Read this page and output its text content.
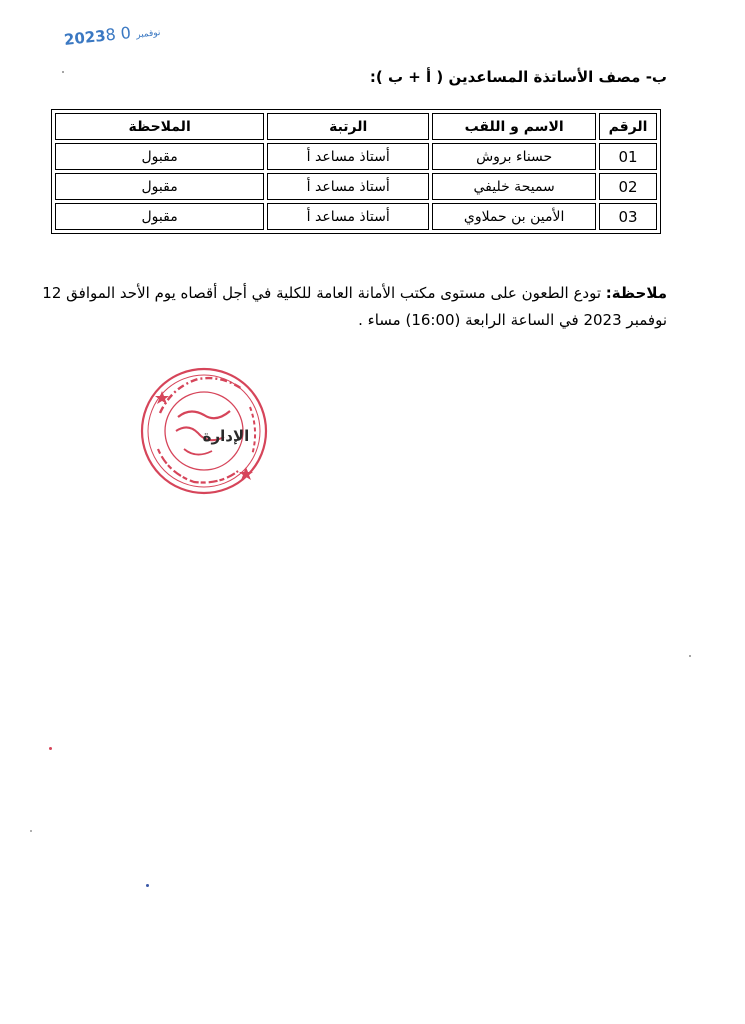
2023	نوفمبر0 8
ب- مصف الأساتذة المساعدين ( أ + ب ):
الرقم	الاسم و اللقب	الرتبة	الملاحظة
01	حسناء بروش	أستاذ مساعد أ	مقبول
02	سميحة خليفي	أستاذ مساعد أ	مقبول
03	الأمين بن حملاوي	أستاذ مساعد أ	مقبول
ملاحظة: تودع الطعون على مستوى مكتب الأمانة العامة للكلية في أجل أقصاه يوم الأحد الموافق 12 نوفمبر 2023 في الساعة الرابعة (16:00) مساء .
الإدارة
